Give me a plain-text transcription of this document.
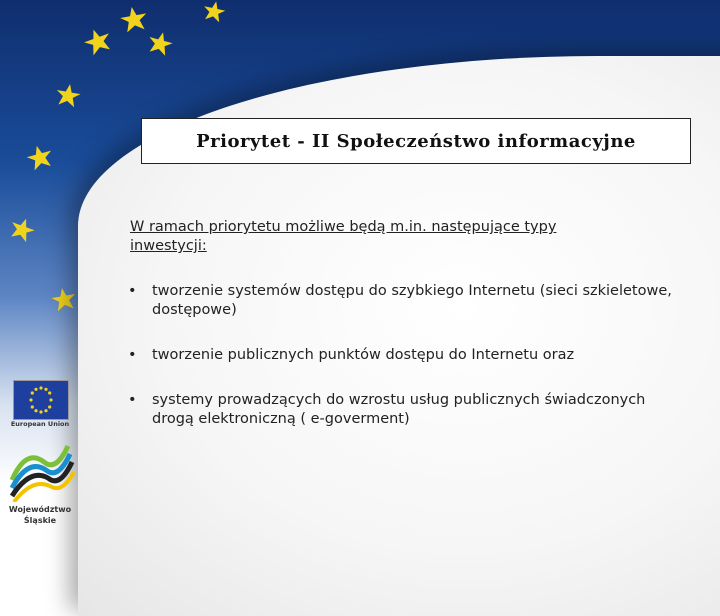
Priorytet - II Społeczeństwo informacyjne
W ramach priorytetu możliwe będą m.in. następujące typy inwestycji:
• tworzenie systemów dostępu do szybkiego Internetu (sieci szkieletowe, dostępowe)
• tworzenie publicznych punktów dostępu do Internetu oraz
• systemy prowadzących do wzrostu usług publicznych świadczonych drogą elektroniczną ( e-goverment)
European Union
Województwo
Śląskie
